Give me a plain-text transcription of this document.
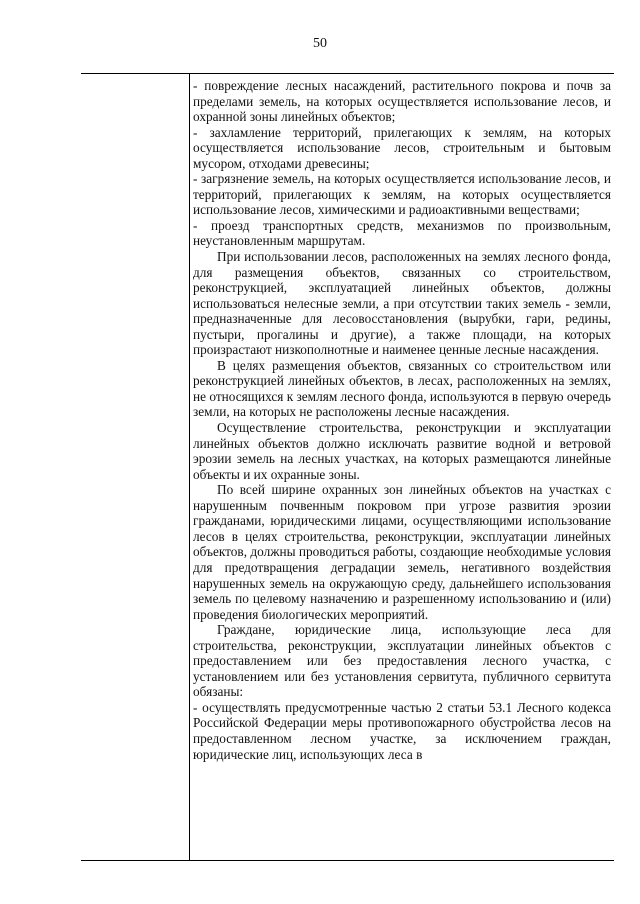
50

- повреждение лесных насаждений, растительного покрова и почв за пределами земель, на которых осуществляется использование лесов, и охранной зоны линейных объектов;

- захламление территорий, прилегающих к землям, на которых осуществляется использование лесов, строительным и бытовым мусором, отходами древесины;

- загрязнение земель, на которых осуществляется использование лесов, и территорий, прилегающих к землям, на которых осуществляется использование лесов, химическими и радиоактивными веществами;

- проезд транспортных средств, механизмов по произвольным, неустановленным маршрутам.

При использовании лесов, расположенных на землях лесного фонда, для размещения объектов, связанных со строительством, реконструкцией, эксплуатацией линейных объектов, должны использоваться нелесные земли, а при отсутствии таких земель - земли, предназначенные для лесовосстановления (вырубки, гари, редины, пустыри, прогалины и другие), а также площади, на которых произрастают низкополнотные и наименее ценные лесные насаждения.

В целях размещения объектов, связанных со строительством или реконструкцией линейных объектов, в лесах, расположенных на землях, не относящихся к землям лесного фонда, используются в первую очередь земли, на которых не расположены лесные насаждения.

Осуществление строительства, реконструкции и эксплуатации линейных объектов должно исключать развитие водной и ветровой эрозии земель на лесных участках, на которых размещаются линейные объекты и их охранные зоны.

По всей ширине охранных зон линейных объектов на участках с нарушенным почвенным покровом при угрозе развития эрозии гражданами, юридическими лицами, осуществляющими использование лесов в целях строительства, реконструкции, эксплуатации линейных объектов, должны проводиться работы, создающие необходимые условия для предотвращения деградации земель, негативного воздействия нарушенных земель на окружающую среду, дальнейшего использования земель по целевому назначению и разрешенному использованию и (или) проведения биологических мероприятий.

Граждане, юридические лица, использующие леса для строительства, реконструкции, эксплуатации линейных объектов с предоставлением или без предоставления лесного участка, с установлением или без установления сервитута, публичного сервитута обязаны:

- осуществлять предусмотренные частью 2 статьи 53.1 Лесного кодекса Российской Федерации меры противопожарного обустройства лесов на предоставленном лесном участке, за исключением граждан, юридические лиц, использующих леса в
